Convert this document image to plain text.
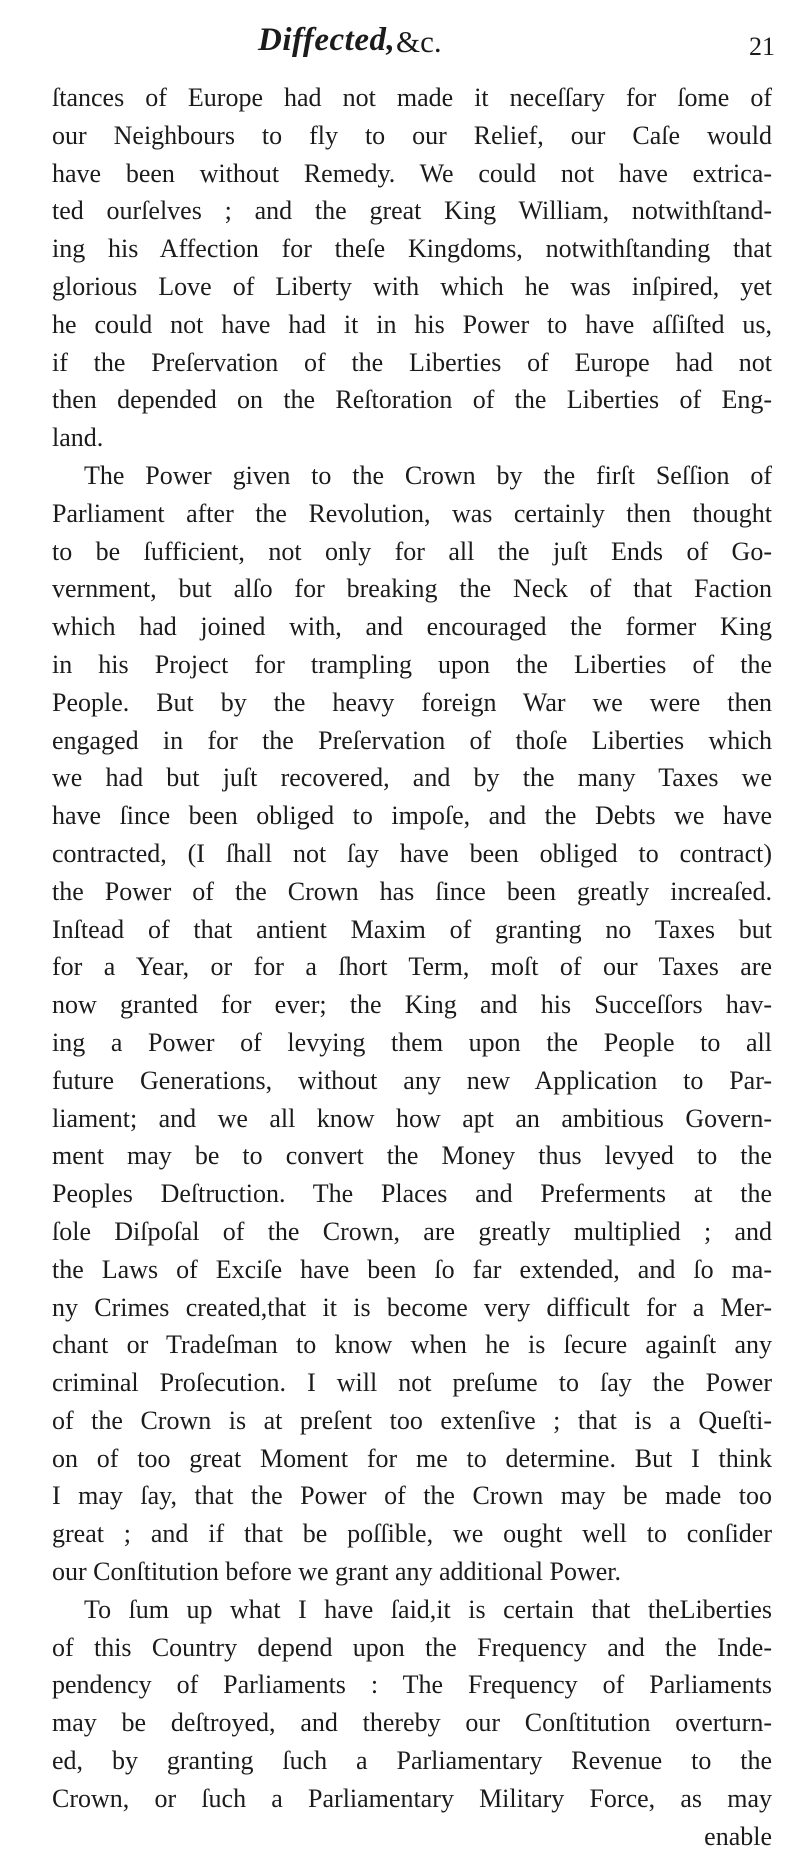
Diffected, &c.	21
ſtances of Europe had not made it neceſſary for ſome of
our Neighbours to fly to our Relief, our Caſe would
have been without Remedy. We could not have extrica-
ted ourſelves ; and the great King William, notwithſtand-
ing his Affection for theſe Kingdoms, notwithſtanding that
glorious Love of Liberty with which he was inſpired, yet
he could not have had it in his Power to have aſſiſted us,
if the Preſervation of the Liberties of Europe had not
then depended on the Reſtoration of the Liberties of Eng-
land.
The Power given to the Crown by the firſt Seſſion of
Parliament after the Revolution, was certainly then thought
to be ſufficient, not only for all the juſt Ends of Go-
vernment, but alſo for breaking the Neck of that Faction
which had joined with, and encouraged the former King
in his Project for trampling upon the Liberties of the
People. But by the heavy foreign War we were then
engaged in for the Preſervation of thoſe Liberties which
we had but juſt recovered, and by the many Taxes we
have ſince been obliged to impoſe, and the Debts we have
contracted, (I ſhall not ſay have been obliged to contract)
the Power of the Crown has ſince been greatly increaſed.
Inſtead of that antient Maxim of granting no Taxes but
for a Year, or for a ſhort Term, moſt of our Taxes are
now granted for ever; the King and his Succeſſors hav-
ing a Power of levying them upon the People to all
future Generations, without any new Application to Par-
liament; and we all know how apt an ambitious Govern-
ment may be to convert the Money thus levyed to the
Peoples Deſtruction. The Places and Preferments at the
ſole Diſpoſal of the Crown, are greatly multiplied ; and
the Laws of Exciſe have been ſo far extended, and ſo ma-
ny Crimes created,that it is become very difficult for a Mer-
chant or Tradeſman to know when he is ſecure againſt any
criminal Proſecution. I will not preſume to ſay the Power
of the Crown is at preſent too extenſive ; that is a Queſti-
on of too great Moment for me to determine. But I think
I may ſay, that the Power of the Crown may be made too
great ; and if that be poſſible, we ought well to conſider
our Conſtitution before we grant any additional Power.
To ſum up what I have ſaid,it is certain that theLiberties
of this Country depend upon the Frequency and the Inde-
pendency of Parliaments : The Frequency of Parliaments
may be deſtroyed, and thereby our Conſtitution overturn-
ed, by granting ſuch a Parliamentary Revenue to the
Crown, or ſuch a Parliamentary Military Force, as may
enable
